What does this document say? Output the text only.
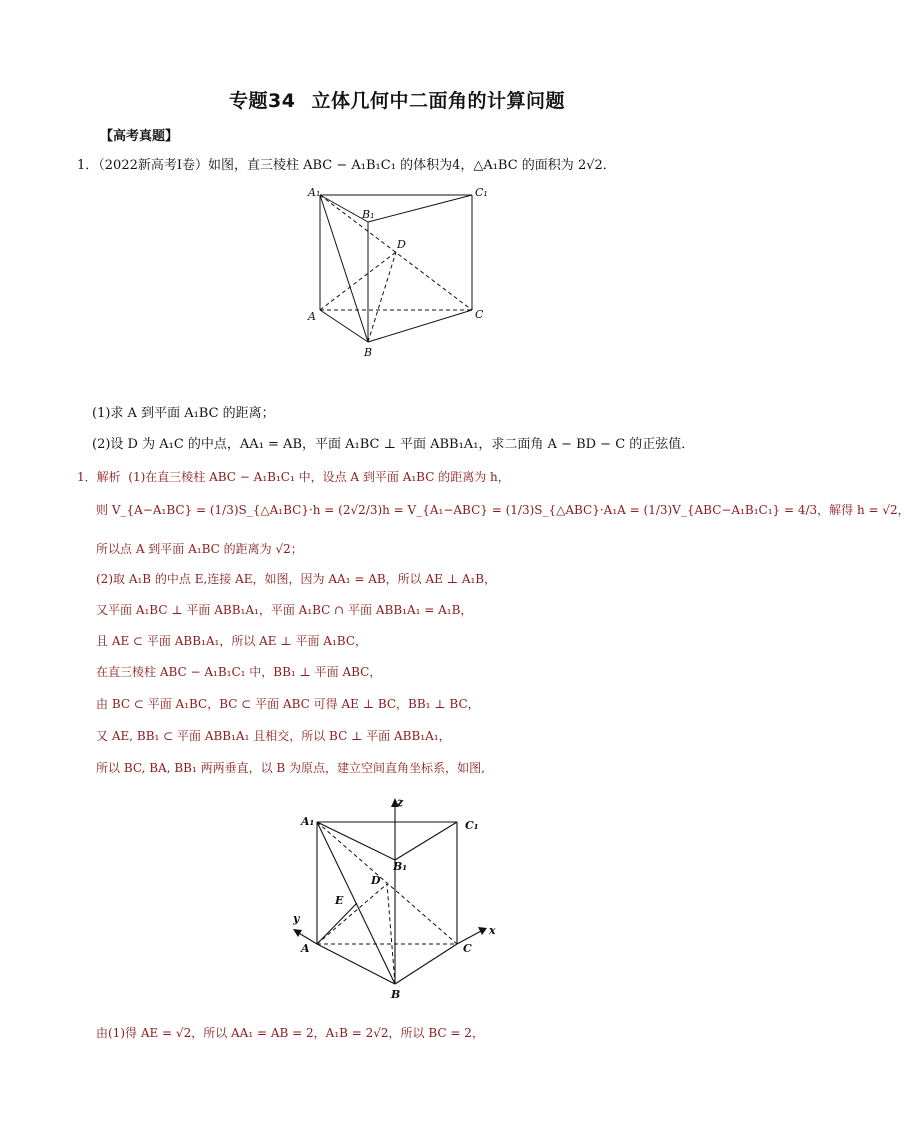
专题34 立体几何中二面角的计算问题
【高考真题】
1．（2022新高考Ⅰ卷）如图，直三棱柱 ABC − A₁B₁C₁ 的体积为4，△A₁BC 的面积为 2√2．
A₁
B₁
C₁
D
A
B
C
(1)求 A 到平面 A₁BC 的距离；
(2)设 D 为 A₁C 的中点，AA₁ = AB，平面 A₁BC ⊥ 平面 ABB₁A₁，求二面角 A − BD − C 的正弦值．
1．解析 (1)在直三棱柱 ABC − A₁B₁C₁ 中，设点 A 到平面 A₁BC 的距离为 h，
则 V_{A−A₁BC} = (1/3)S_{△A₁BC}·h = (2√2/3)h = V_{A₁−ABC} = (1/3)S_{△ABC}·A₁A = (1/3)V_{ABC−A₁B₁C₁} = 4/3，解得 h = √2，
所以点 A 到平面 A₁BC 的距离为 √2；
(2)取 A₁B 的中点 E,连接 AE，如图，因为 AA₁ = AB，所以 AE ⊥ A₁B，
又平面 A₁BC ⊥ 平面 ABB₁A₁，平面 A₁BC ∩ 平面 ABB₁A₁ = A₁B，
且 AE ⊂ 平面 ABB₁A₁，所以 AE ⊥ 平面 A₁BC，
在直三棱柱 ABC − A₁B₁C₁ 中，BB₁ ⊥ 平面 ABC，
由 BC ⊂ 平面 A₁BC，BC ⊂ 平面 ABC 可得 AE ⊥ BC，BB₁ ⊥ BC，
又 AE, BB₁ ⊂ 平面 ABB₁A₁ 且相交，所以 BC ⊥ 平面 ABB₁A₁，
所以 BC, BA, BB₁ 两两垂直，以 B 为原点，建立空间直角坐标系，如图,
z
y
x
A₁
B₁
C₁
D
E
A
B
C
由(1)得 AE = √2，所以 AA₁ = AB = 2，A₁B = 2√2，所以 BC = 2，
